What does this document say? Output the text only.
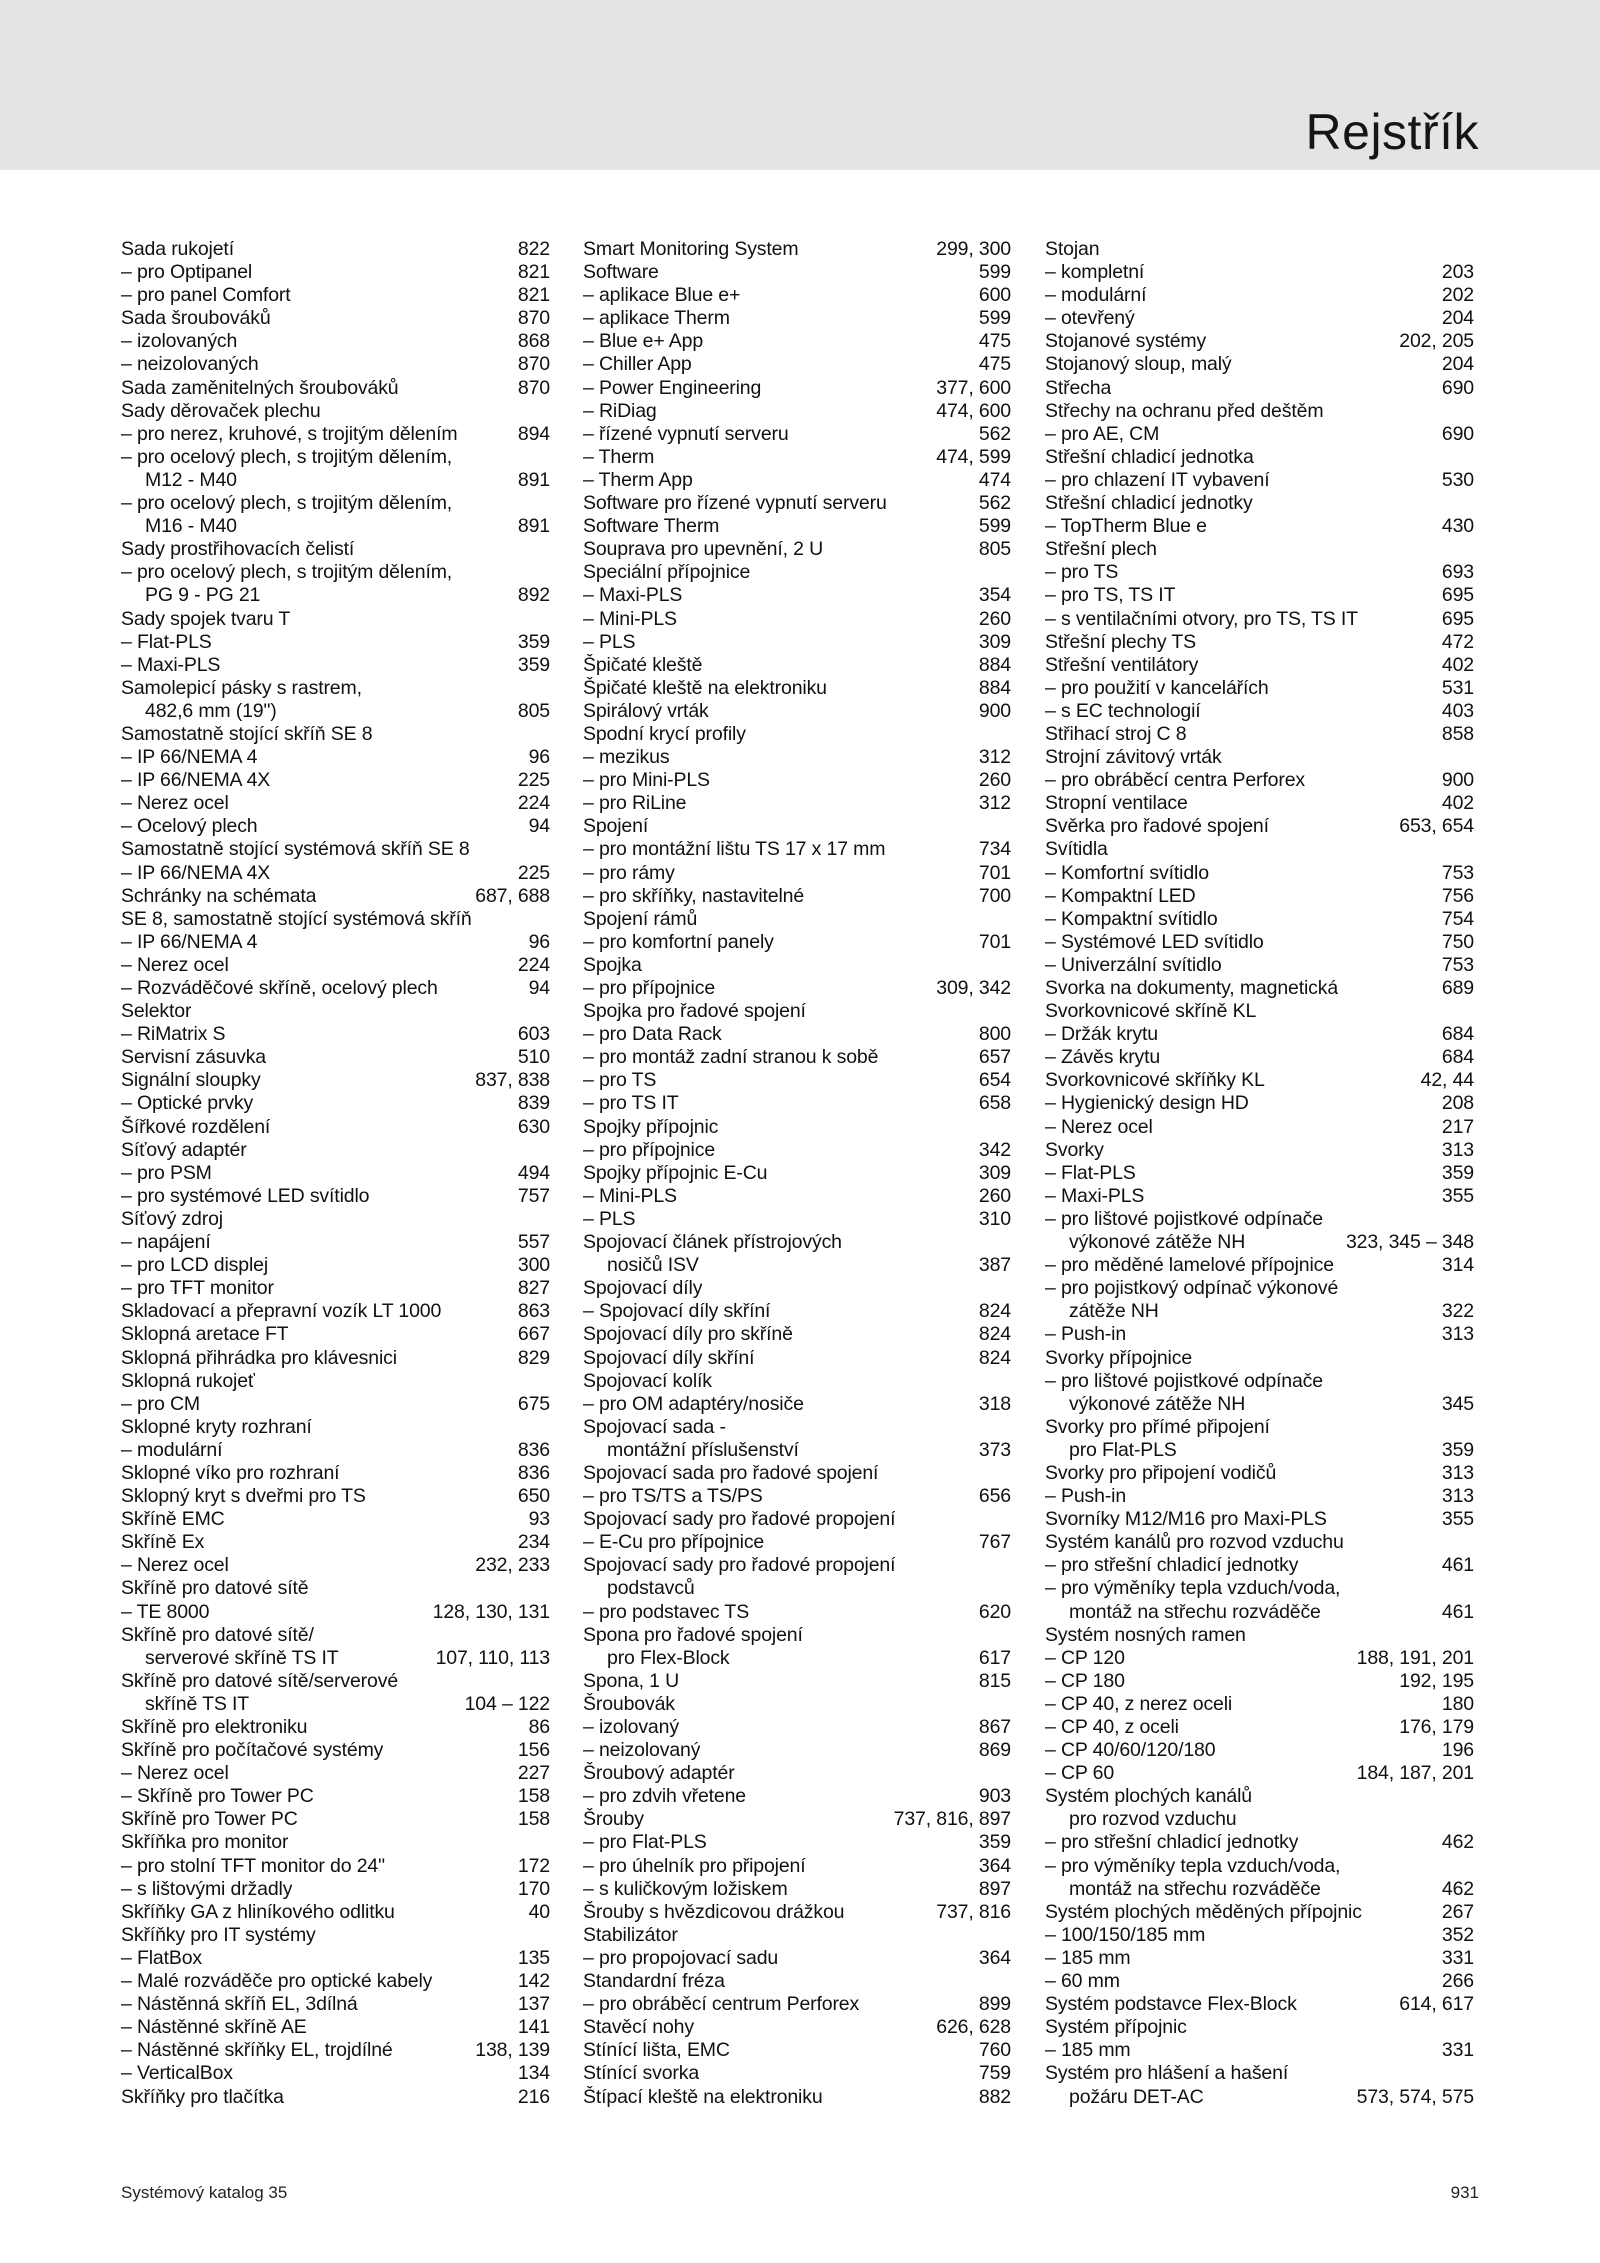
Rejstřík
Sada rukojetí	822
– pro Optipanel	821
– pro panel Comfort	821
Sada šroubováků	870
– izolovaných	868
– neizolovaných	870
Sada zaměnitelných šroubováků	870
Sady děrovaček plechu
– pro nerez, kruhové, s trojitým dělením	894
– pro ocelový plech, s trojitým dělením,
M12 - M40	891
– pro ocelový plech, s trojitým dělením,
M16 - M40	891
Sady prostřihovacích čelistí
– pro ocelový plech, s trojitým dělením,
PG 9 - PG 21	892
Sady spojek tvaru T
– Flat-PLS	359
– Maxi-PLS	359
Samolepicí pásky s rastrem,
482,6 mm (19")	805
Samostatně stojící skříň SE 8
– IP 66/NEMA 4	96
– IP 66/NEMA 4X	225
– Nerez ocel	224
– Ocelový plech	94
Samostatně stojící systémová skříň SE 8
– IP 66/NEMA 4X	225
Schránky na schémata	687, 688
SE 8, samostatně stojící systémová skříň
– IP 66/NEMA 4	96
– Nerez ocel	224
– Rozváděčové skříně, ocelový plech	94
Selektor
– RiMatrix S	603
Servisní zásuvka	510
Signální sloupky	837, 838
– Optické prvky	839
Šířkové rozdělení	630
Síťový adaptér
– pro PSM	494
– pro systémové LED svítidlo	757
Síťový zdroj
– napájení	557
– pro LCD displej	300
– pro TFT monitor	827
Skladovací a přepravní vozík LT 1000	863
Sklopná aretace FT	667
Sklopná přihrádka pro klávesnici	829
Sklopná rukojeť
– pro CM	675
Sklopné kryty rozhraní
– modulární	836
Sklopné víko pro rozhraní	836
Sklopný kryt s dveřmi pro TS	650
Skříně EMC	93
Skříně Ex	234
– Nerez ocel	232, 233
Skříně pro datové sítě
– TE 8000	128, 130, 131
Skříně pro datové sítě/
serverové skříně TS IT	107, 110, 113
Skříně pro datové sítě/serverové
skříně TS IT	104 – 122
Skříně pro elektroniku	86
Skříně pro počítačové systémy	156
– Nerez ocel	227
– Skříně pro Tower PC	158
Skříně pro Tower PC	158
Skříňka pro monitor
– pro stolní TFT monitor do 24"	172
– s lištovými držadly	170
Skříňky GA z hliníkového odlitku	40
Skříňky pro IT systémy
– FlatBox	135
– Malé rozváděče pro optické kabely	142
– Nástěnná skříň EL, 3dílná	137
– Nástěnné skříně AE	141
– Nástěnné skříňky EL, trojdílné	138, 139
– VerticalBox	134
Skříňky pro tlačítka	216
Smart Monitoring System	299, 300
Software	599
– aplikace Blue e+	600
– aplikace Therm	599
– Blue e+ App	475
– Chiller App	475
– Power Engineering	377, 600
– RiDiag	474, 600
– řízené vypnutí serveru	562
– Therm	474, 599
– Therm App	474
Software pro řízené vypnutí serveru	562
Software Therm	599
Souprava pro upevnění, 2 U	805
Speciální přípojnice
– Maxi-PLS	354
– Mini-PLS	260
– PLS	309
Špičaté kleště	884
Špičaté kleště na elektroniku	884
Spirálový vrták	900
Spodní krycí profily
– mezikus	312
– pro Mini-PLS	260
– pro RiLine	312
Spojení
– pro montážní lištu TS 17 x 17 mm	734
– pro rámy	701
– pro skříňky, nastavitelné	700
Spojení rámů
– pro komfortní panely	701
Spojka
– pro přípojnice	309, 342
Spojka pro řadové spojení
– pro Data Rack	800
– pro montáž zadní stranou k sobě	657
– pro TS	654
– pro TS IT	658
Spojky přípojnic
– pro přípojnice	342
Spojky přípojnic E-Cu	309
– Mini-PLS	260
– PLS	310
Spojovací článek přístrojových
nosičů ISV	387
Spojovací díly
– Spojovací díly skříní	824
Spojovací díly pro skříně	824
Spojovací díly skříní	824
Spojovací kolík
– pro OM adaptéry/nosiče	318
Spojovací sada -
montážní příslušenství	373
Spojovací sada pro řadové spojení
– pro TS/TS a TS/PS	656
Spojovací sady pro řadové propojení
– E-Cu pro přípojnice	767
Spojovací sady pro řadové propojení
podstavců
– pro podstavec TS	620
Spona pro řadové spojení
pro Flex-Block	617
Spona, 1 U	815
Šroubovák
– izolovaný	867
– neizolovaný	869
Šroubový adaptér
– pro zdvih vřetene	903
Šrouby	737, 816, 897
– pro Flat-PLS	359
– pro úhelník pro připojení	364
– s kuličkovým ložiskem	897
Šrouby s hvězdicovou drážkou	737, 816
Stabilizátor
– pro propojovací sadu	364
Standardní fréza
– pro obráběcí centrum Perforex	899
Stavěcí nohy	626, 628
Stínící lišta, EMC	760
Stínící svorka	759
Štípací kleště na elektroniku	882
Stojan
– kompletní	203
– modulární	202
– otevřený	204
Stojanové systémy	202, 205
Stojanový sloup, malý	204
Střecha	690
Střechy na ochranu před deštěm
– pro AE, CM	690
Střešní chladicí jednotka
– pro chlazení IT vybavení	530
Střešní chladicí jednotky
– TopTherm Blue e	430
Střešní plech
– pro TS	693
– pro TS, TS IT	695
– s ventilačními otvory, pro TS, TS IT	695
Střešní plechy TS	472
Střešní ventilátory	402
– pro použití v kancelářích	531
– s EC technologií	403
Střihací stroj C 8	858
Strojní závitový vrták
– pro obráběcí centra Perforex	900
Stropní ventilace	402
Svěrka pro řadové spojení	653, 654
Svítidla
– Komfortní svítidlo	753
– Kompaktní LED	756
– Kompaktní svítidlo	754
– Systémové LED svítidlo	750
– Univerzální svítidlo	753
Svorka na dokumenty, magnetická	689
Svorkovnicové skříně KL
– Držák krytu	684
– Závěs krytu	684
Svorkovnicové skříňky KL	42, 44
– Hygienický design HD	208
– Nerez ocel	217
Svorky	313
– Flat-PLS	359
– Maxi-PLS	355
– pro lištové pojistkové odpínače
výkonové zátěže NH	323, 345 – 348
– pro měděné lamelové přípojnice	314
– pro pojistkový odpínač výkonové
zátěže NH	322
– Push-in	313
Svorky přípojnice
– pro lištové pojistkové odpínače
výkonové zátěže NH	345
Svorky pro přímé připojení
pro Flat-PLS	359
Svorky pro připojení vodičů	313
– Push-in	313
Svorníky M12/M16 pro Maxi-PLS	355
Systém kanálů pro rozvod vzduchu
– pro střešní chladicí jednotky	461
– pro výměníky tepla vzduch/voda,
montáž na střechu rozváděče	461
Systém nosných ramen
– CP 120	188, 191, 201
– CP 180	192, 195
– CP 40, z nerez oceli	180
– CP 40, z oceli	176, 179
– CP 40/60/120/180	196
– CP 60	184, 187, 201
Systém plochých kanálů
pro rozvod vzduchu
– pro střešní chladicí jednotky	462
– pro výměníky tepla vzduch/voda,
montáž na střechu rozváděče	462
Systém plochých měděných přípojnic	267
– 100/150/185 mm	352
– 185 mm	331
– 60 mm	266
Systém podstavce Flex-Block	614, 617
Systém přípojnic
– 185 mm	331
Systém pro hlášení a hašení
požáru DET-AC	573, 574, 575
Systémový katalog 35	931
